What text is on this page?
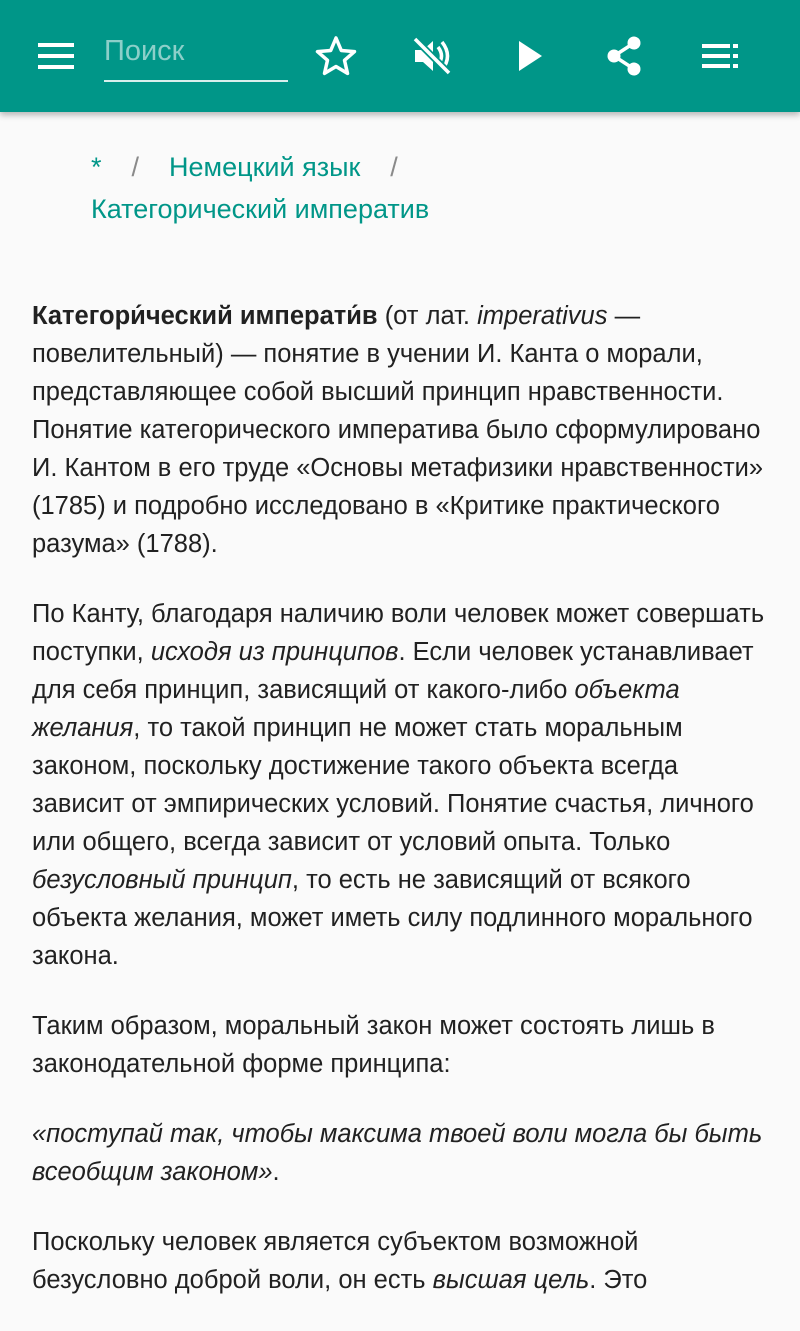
Поиск
* / Немецкий язык /
Категорический императив

Категори́ческий императи́в (от лат. imperativus — повелительный) — понятие в учении И. Канта о морали, представляющее собой высший принцип нравственности. Понятие категорического императива было сформулировано И. Кантом в его труде «Основы метафизики нравственности» (1785) и подробно исследовано в «Критике практического разума» (1788).

По Канту, благодаря наличию воли человек может совершать поступки, исходя из принципов. Если человек устанавливает для себя принцип, зависящий от какого-либо объекта желания, то такой принцип не может стать моральным законом, поскольку достижение такого объекта всегда зависит от эмпирических условий. Понятие счастья, личного или общего, всегда зависит от условий опыта. Только безусловный принцип, то есть не зависящий от всякого объекта желания, может иметь силу подлинного морального закона.

Таким образом, моральный закон может состоять лишь в законодательной форме принципа:

«поступай так, чтобы максима твоей воли могла бы быть всеобщим законом».

Поскольку человек является субъектом возможной безусловно доброй воли, он есть высшая цель. Это
